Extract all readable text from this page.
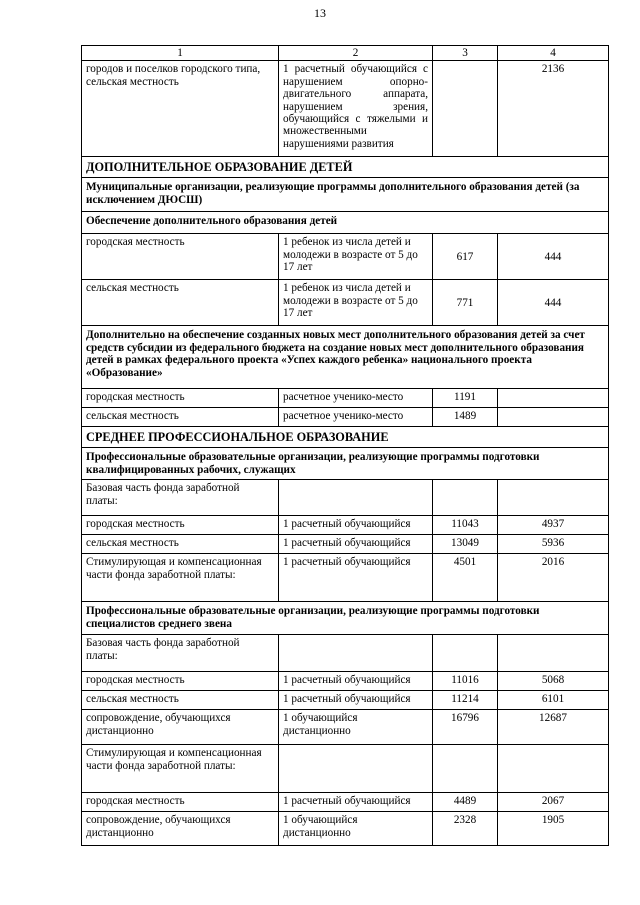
13
1	2	3	4
городов и поселков городского типа, сельская местность	1 расчетный обучающийся с нарушением опорно-двигательного аппарата, нарушением зрения, обучающийся с тяжелыми и множественными нарушениями развития		2136
ДОПОЛНИТЕЛЬНОЕ ОБРАЗОВАНИЕ ДЕТЕЙ			
Муниципальные организации, реализующие программы дополнительного образования детей (за исключением ДЮСШ)			
Обеспечение дополнительного образования детей			
городская местность	1 ребенок из числа детей и молодежи в возрасте от 5 до 17 лет	617	444
сельская местность	1 ребенок из числа детей и молодежи в возрасте от 5 до 17 лет	771	444
Дополнительно на обеспечение созданных новых мест дополнительного образования детей за счет средств субсидии из федерального бюджета на создание новых мест дополнительного образования детей в рамках федерального проекта «Успех каждого ребенка» национального проекта «Образование»			
городская местность	расчетное ученико-место	1191	
сельская местность	расчетное ученико-место	1489	
СРЕДНЕЕ ПРОФЕССИОНАЛЬНОЕ ОБРАЗОВАНИЕ			
Профессиональные образовательные организации, реализующие программы подготовки квалифицированных рабочих, служащих			
Базовая часть фонда заработной платы:			
городская местность	1 расчетный обучающийся	11043	4937
сельская местность	1 расчетный обучающийся	13049	5936
Стимулирующая и компенсационная части фонда заработной платы:	1 расчетный обучающийся	4501	2016
Профессиональные образовательные организации, реализующие программы подготовки специалистов среднего звена			
Базовая часть фонда заработной платы:			
городская местность	1 расчетный обучающийся	11016	5068
сельская местность	1 расчетный обучающийся	11214	6101
сопровождение, обучающихся дистанционно	1 обучающийся дистанционно	16796	12687
Стимулирующая и компенсационная части фонда заработной платы:			
городская местность	1 расчетный обучающийся	4489	2067
сопровождение, обучающихся дистанционно	1 обучающийся дистанционно	2328	1905
